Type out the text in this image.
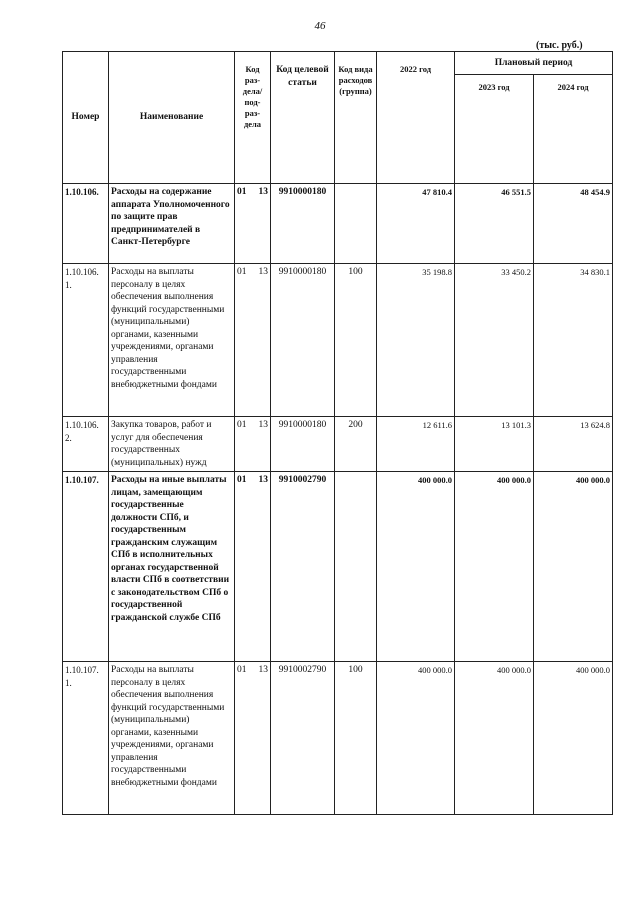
46
(тыс. руб.)
Номер	Наименование	Код раз-дела/ под-раз-дела	Код целевой статьи	Код вида расходов (группа)	2022 год	Плановый период	
						2023 год	2024 год
1.10.106.	Расходы на содержание аппарата Уполномоченного по защите прав предпринимателей в Санкт-Петербурге	01 13	9910000180		47 810.4	46 551.5	48 454.9
1.10.106. 1.	Расходы на выплаты персоналу в целях обеспечения выполнения функций государственными (муниципальными) органами, казенными учреждениями, органами управления государственными внебюджетными фондами	01 13	9910000180	100	35 198.8	33 450.2	34 830.1
1.10.106. 2.	Закупка товаров, работ и услуг для обеспечения государственных (муниципальных) нужд	01 13	9910000180	200	12 611.6	13 101.3	13 624.8
1.10.107.	Расходы на иные выплаты лицам, замещающим государственные должности СПб, и государственным гражданским служащим СПб в исполнительных органах государственной власти СПб в соответствии с законодательством СПб о государственной гражданской службе СПб	01 13	9910002790		400 000.0	400 000.0	400 000.0
1.10.107. 1.	Расходы на выплаты персоналу в целях обеспечения выполнения функций государственными (муниципальными) органами, казенными учреждениями, органами управления государственными внебюджетными фондами	01 13	9910002790	100	400 000.0	400 000.0	400 000.0
